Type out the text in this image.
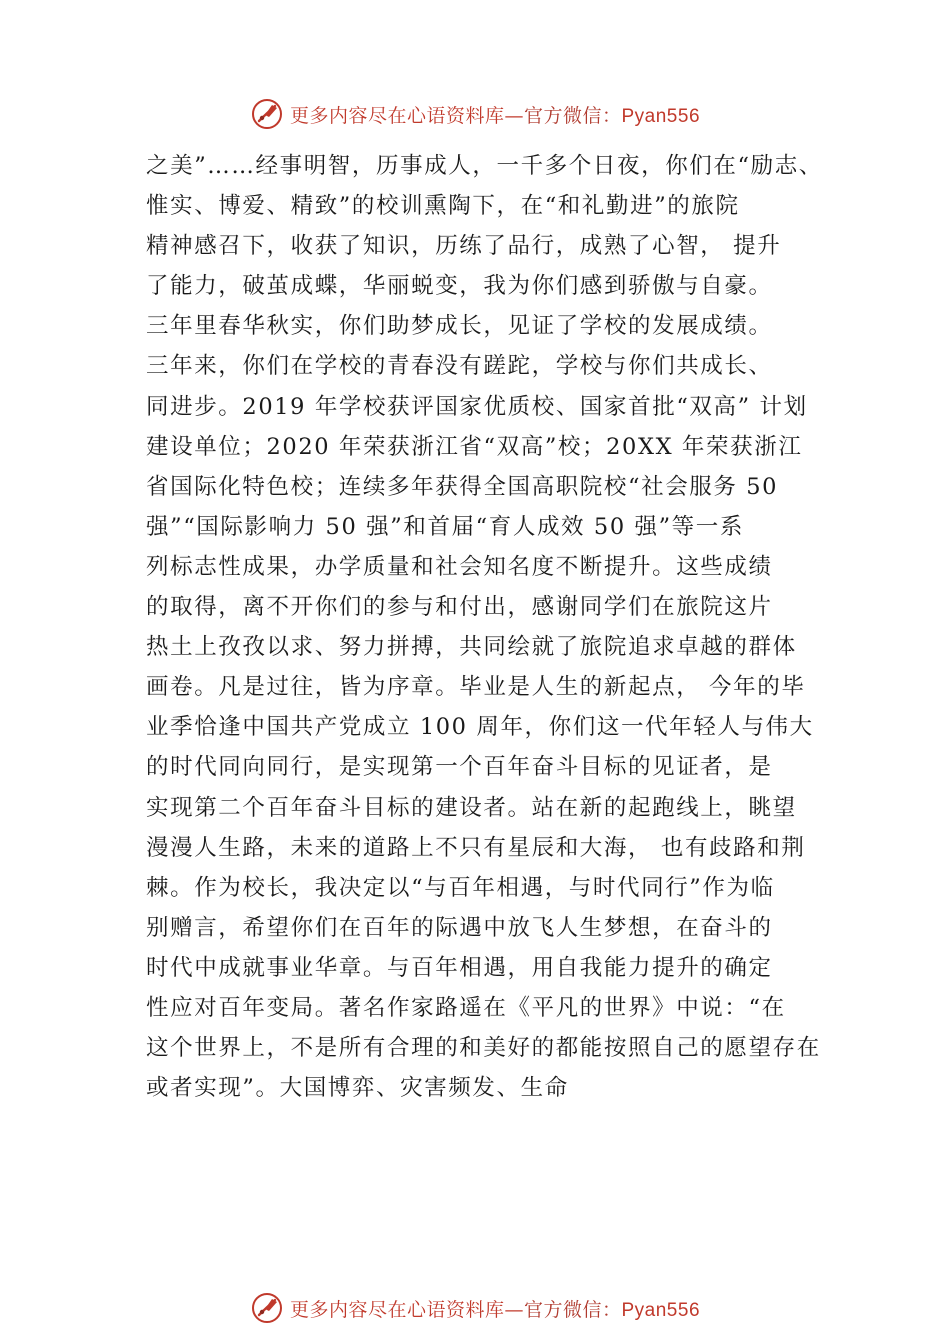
更多内容尽在心语资料库—官方微信：Pyan556
之美”……经事明智，历事成人，一千多个日夜，你们在“励志、
惟实、博爱、精致”的校训熏陶下，在“和礼勤进”的旅院
精神感召下，收获了知识，历练了品行，成熟了心智， 提升
了能力，破茧成蝶，华丽蜕变，我为你们感到骄傲与自豪。
三年里春华秋实，你们助梦成长，见证了学校的发展成绩。
三年来，你们在学校的青春没有蹉跎，学校与你们共成长、
同进步。2019 年学校获评国家优质校、国家首批“双高” 计划
建设单位；2020 年荣获浙江省“双高”校；20XX 年荣获浙江
省国际化特色校；连续多年获得全国高职院校“社会服务 50
强”“国际影响力 50 强”和首届“育人成效 50 强”等一系
列标志性成果，办学质量和社会知名度不断提升。这些成绩
的取得，离不开你们的参与和付出，感谢同学们在旅院这片
热土上孜孜以求、努力拼搏，共同绘就了旅院追求卓越的群体
画卷。凡是过往，皆为序章。毕业是人生的新起点， 今年的毕
业季恰逢中国共产党成立 100 周年，你们这一代年轻人与伟大
的时代同向同行，是实现第一个百年奋斗目标的见证者，是
实现第二个百年奋斗目标的建设者。站在新的起跑线上，眺望
漫漫人生路，未来的道路上不只有星辰和大海， 也有歧路和荆
棘。作为校长，我决定以“与百年相遇，与时代同行”作为临
别赠言，希望你们在百年的际遇中放飞人生梦想，在奋斗的
时代中成就事业华章。与百年相遇，用自我能力提升的确定
性应对百年变局。著名作家路遥在《平凡的世界》中说：“在
这个世界上，不是所有合理的和美好的都能按照自己的愿望存在
或者实现”。大国博弈、灾害频发、生命
更多内容尽在心语资料库—官方微信：Pyan556
